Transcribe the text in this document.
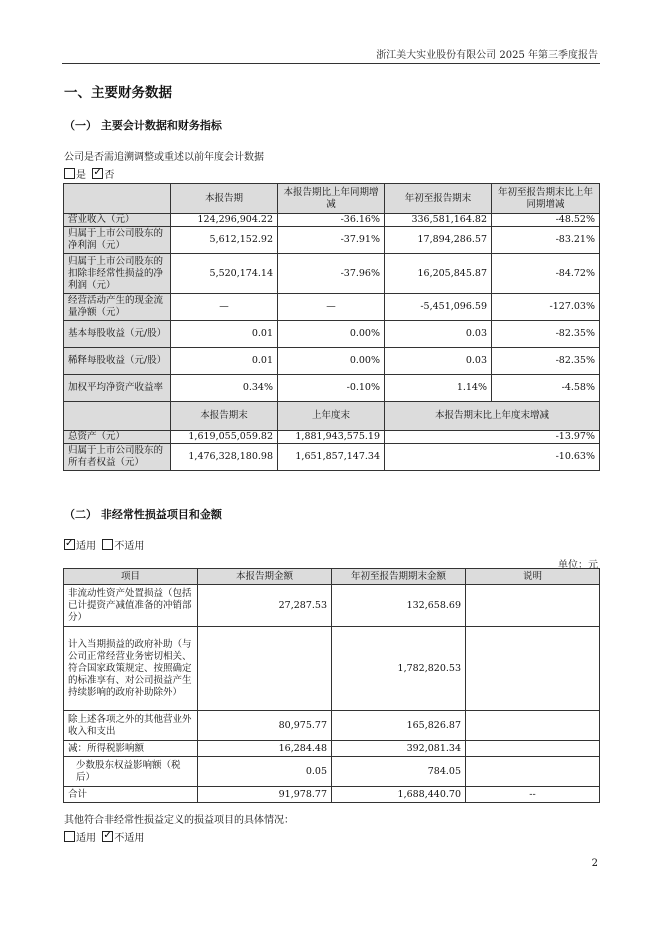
浙江美大实业股份有限公司 2025 年第三季度报告
一、主要财务数据
（一） 主要会计数据和财务指标
公司是否需追溯调整或重述以前年度会计数据
是 ✓ 否
	本报告期	本报告期比上年同期增减	年初至报告期末	年初至报告期末比上年同期增减
营业收入（元）	124,296,904.22	-36.16%	336,581,164.82	-48.52%
归属于上市公司股东的净利润（元）	5,612,152.92	-37.91%	17,894,286.57	-83.21%
归属于上市公司股东的扣除非经常性损益的净利润（元）	5,520,174.14	-37.96%	16,205,845.87	-84.72%
经营活动产生的现金流量净额（元）	—	—	-5,451,096.59	-127.03%
基本每股收益（元/股）	0.01	0.00%	0.03	-82.35%
稀释每股收益（元/股）	0.01	0.00%	0.03	-82.35%
加权平均净资产收益率	0.34%	-0.10%	1.14%	-4.58%
	本报告期末	上年度末	本报告期末比上年度末增减	
总资产（元）	1,619,055,059.82	1,881,943,575.19	-13.97%	
归属于上市公司股东的所有者权益（元）	1,476,328,180.98	1,651,857,147.34	-10.63%	
（二） 非经常性损益项目和金额
✓适用 不适用
单位：元
项目	本报告期金额	年初至报告期期末金额	说明
非流动性资产处置损益（包括已计提资产减值准备的冲销部分）	27,287.53	132,658.69	
计入当期损益的政府补助（与公司正常经营业务密切相关、符合国家政策规定、按照确定的标准享有、对公司损益产生持续影响的政府补助除外）		1,782,820.53	
除上述各项之外的其他营业外收入和支出	80,975.77	165,826.87	
减：所得税影响额	16,284.48	392,081.34	
少数股东权益影响额（税后）	0.05	784.05	
合计	91,978.77	1,688,440.70	--
其他符合非经常性损益定义的损益项目的具体情况：
适用 ✓ 不适用
2
